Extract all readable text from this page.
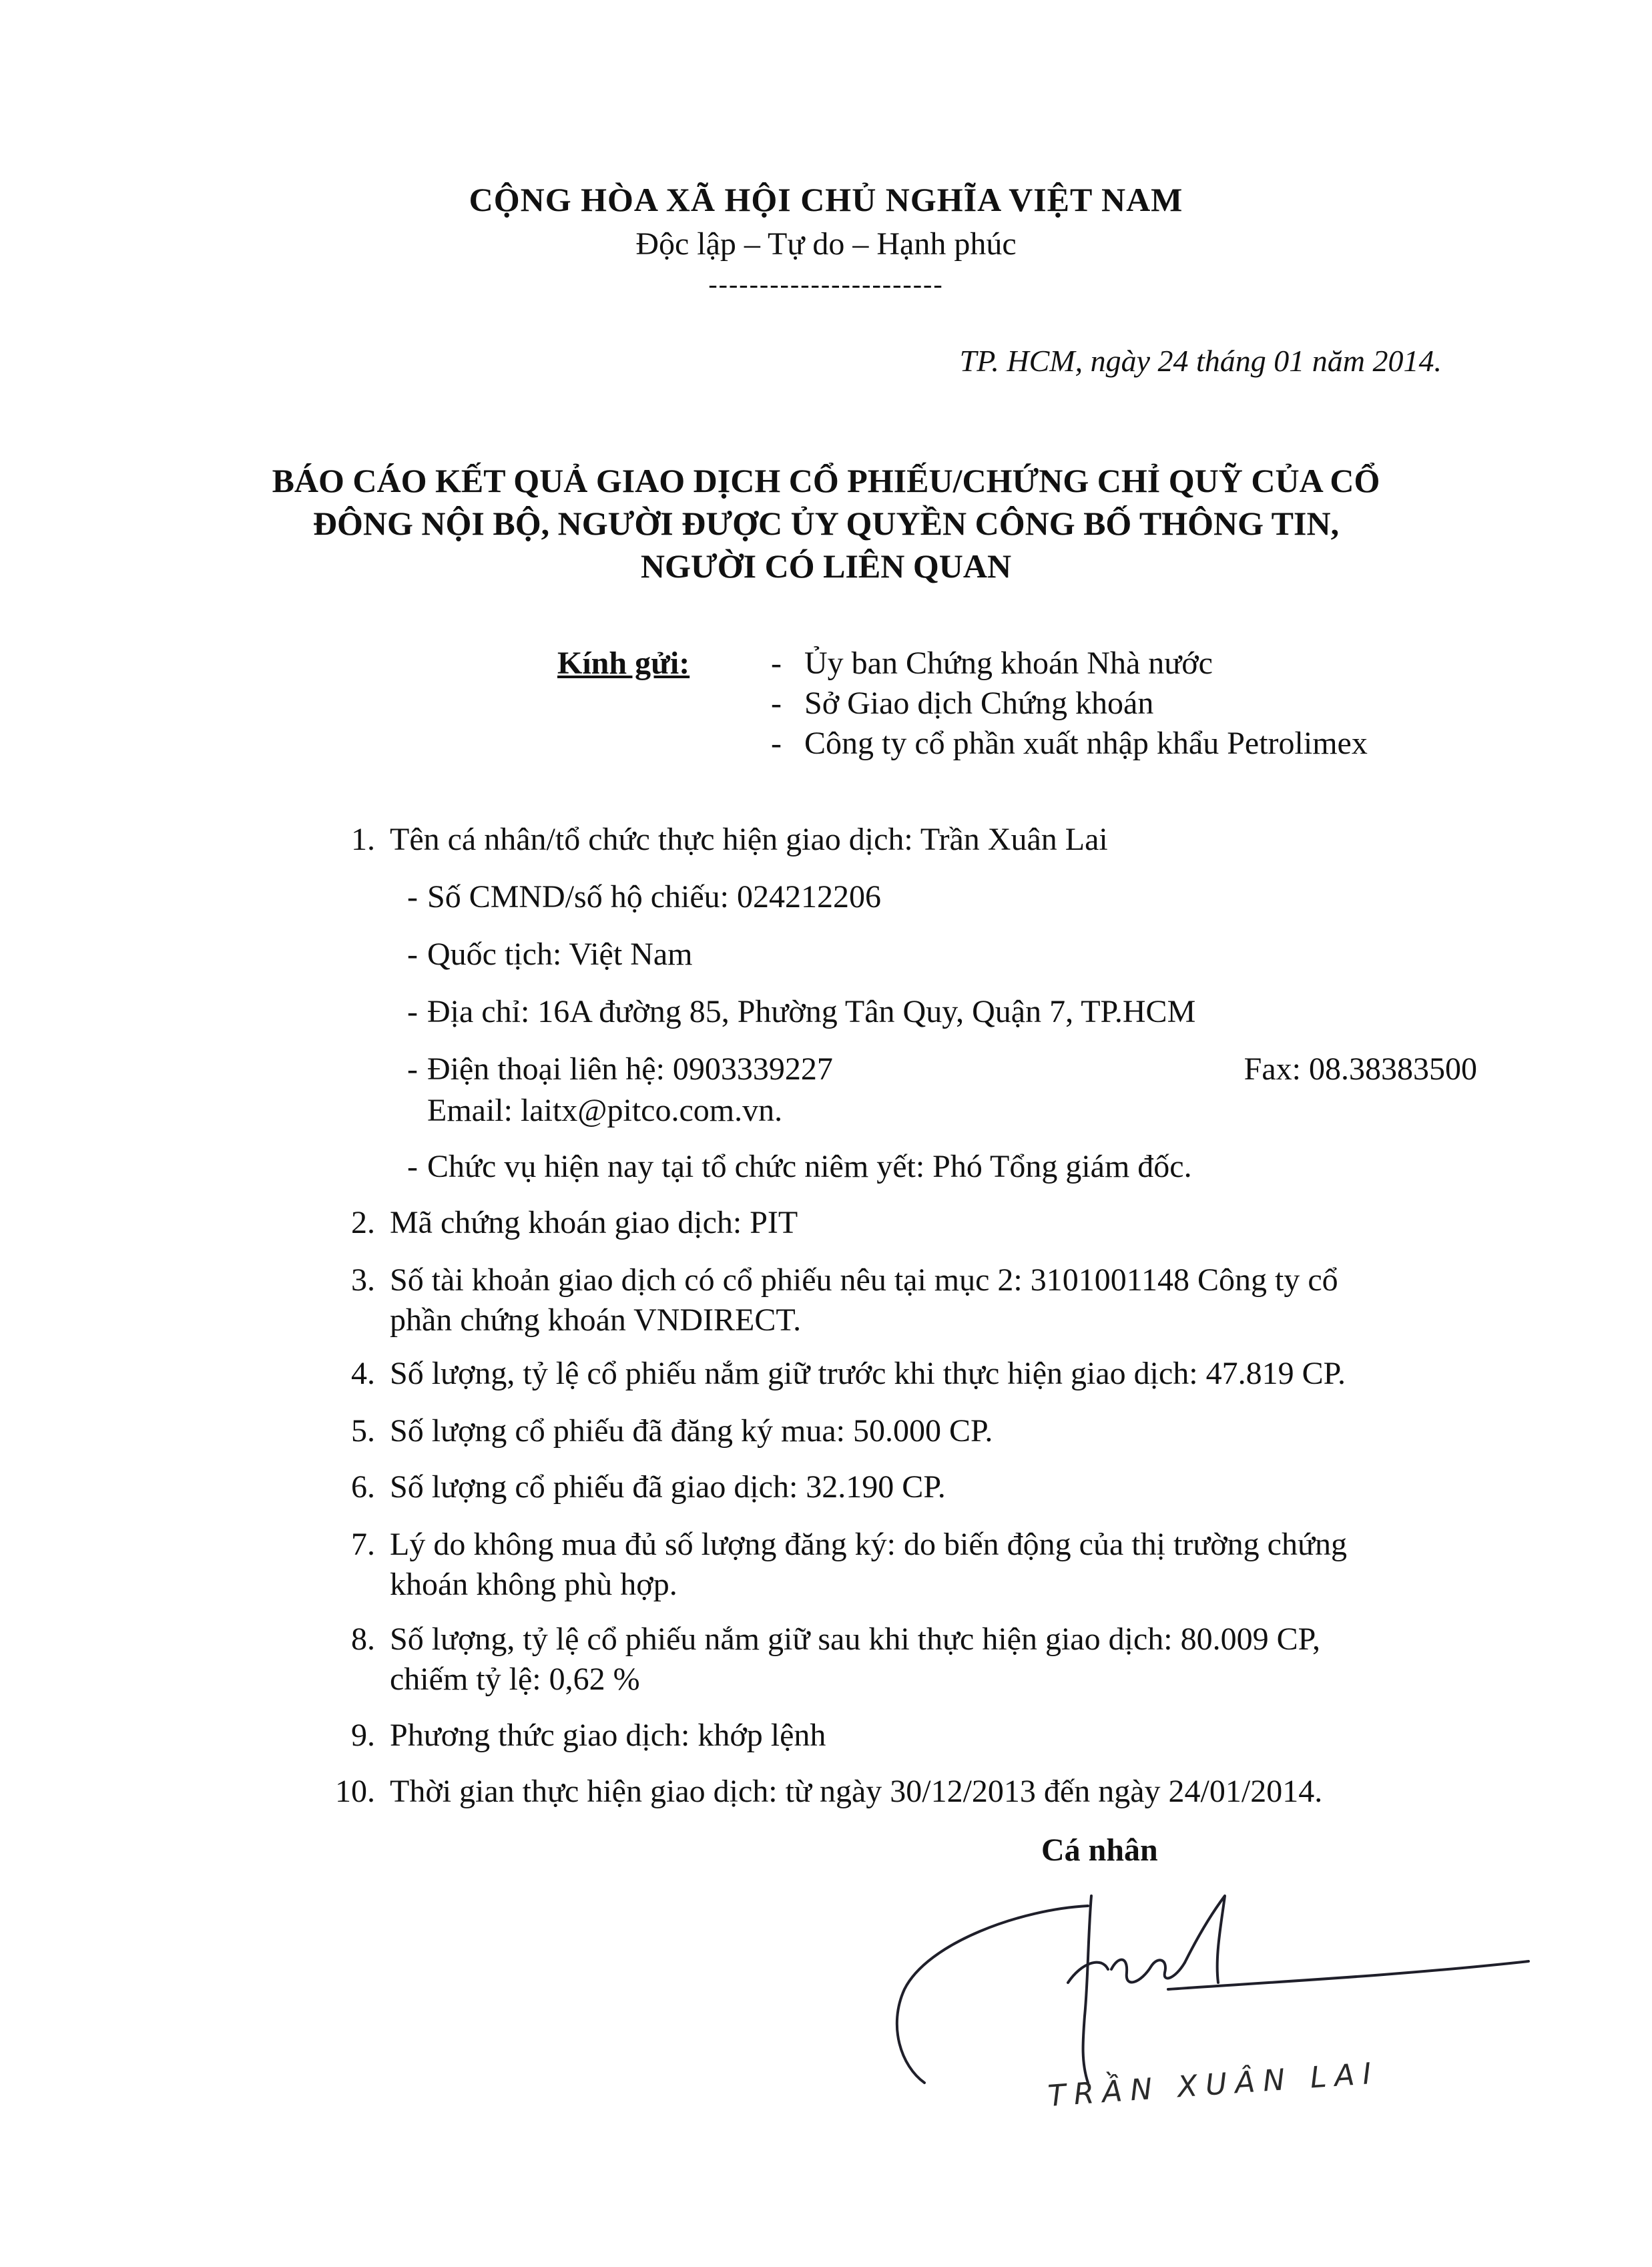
CỘNG HÒA XÃ HỘI CHỦ NGHĨA VIỆT NAM
Độc lập – Tự do – Hạnh phúc
-----------------------
TP. HCM, ngày 24 tháng 01 năm 2014.
BÁO CÁO KẾT QUẢ GIAO DỊCH CỔ PHIẾU/CHỨNG CHỈ QUỸ CỦA CỔ
ĐÔNG NỘI BỘ, NGƯỜI ĐƯỢC ỦY QUYỀN CÔNG BỐ THÔNG TIN,
NGƯỜI CÓ LIÊN QUAN
Kính gửi:	- Ủy ban Chứng khoán Nhà nước
- Sở Giao dịch Chứng khoán
- Công ty cổ phần xuất nhập khẩu Petrolimex
1. Tên cá nhân/tổ chức thực hiện giao dịch: Trần Xuân Lai
- Số CMND/số hộ chiếu: 024212206
- Quốc tịch: Việt Nam
- Địa chỉ: 16A đường 85, Phường Tân Quy, Quận 7, TP.HCM
- Điện thoại liên hệ: 0903339227	Fax: 08.38383500
Email: laitx@pitco.com.vn.
- Chức vụ hiện nay tại tổ chức niêm yết: Phó Tổng giám đốc.
2. Mã chứng khoán giao dịch: PIT
3. Số tài khoản giao dịch có cổ phiếu nêu tại mục 2: 3101001148 Công ty cổ
phần chứng khoán VNDIRECT.
4. Số lượng, tỷ lệ cổ phiếu nắm giữ trước khi thực hiện giao dịch: 47.819 CP.
5. Số lượng cổ phiếu đã đăng ký mua: 50.000 CP.
6. Số lượng cổ phiếu đã giao dịch: 32.190 CP.
7. Lý do không mua đủ số lượng đăng ký: do biến động của thị trường chứng
khoán không phù hợp.
8. Số lượng, tỷ lệ cổ phiếu nắm giữ sau khi thực hiện giao dịch: 80.009 CP,
chiếm tỷ lệ: 0,62 %
9. Phương thức giao dịch: khớp lệnh
10. Thời gian thực hiện giao dịch: từ ngày 30/12/2013 đến ngày 24/01/2014.
Cá nhân
TRẦN XUÂN LAI
